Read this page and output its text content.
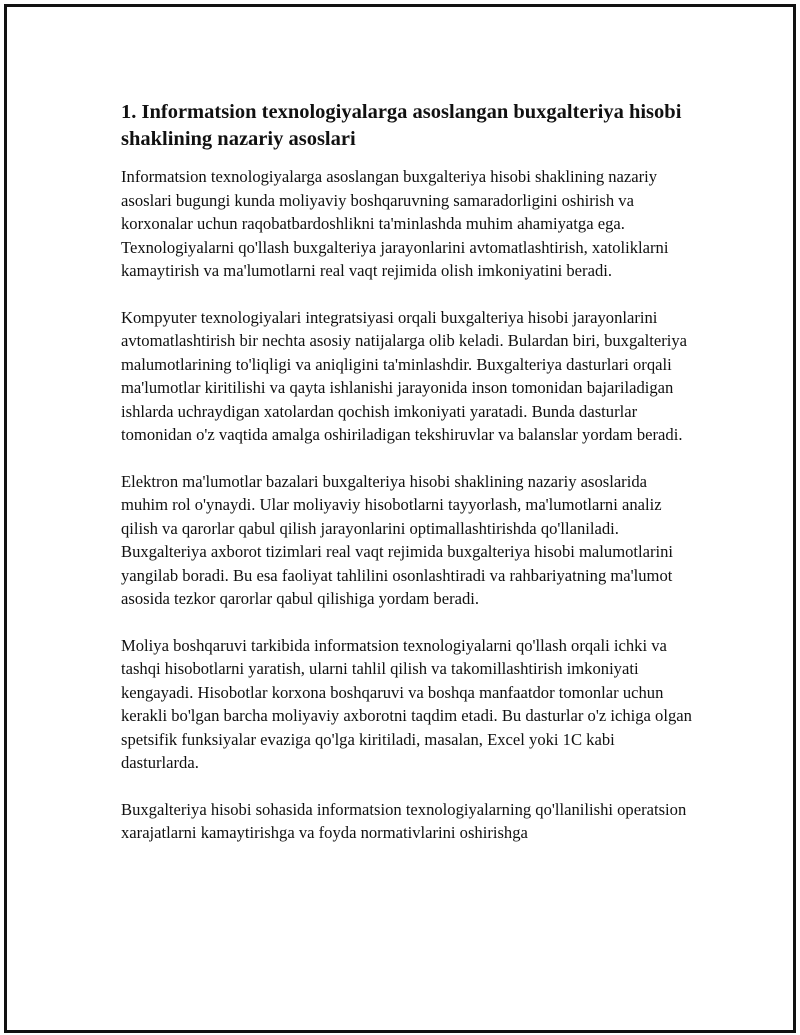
1. Informatsion texnologiyalarga asoslangan buxgalteriya hisobi shaklining nazariy asoslari

Informatsion texnologiyalarga asoslangan buxgalteriya hisobi shaklining nazariy asoslari bugungi kunda moliyaviy boshqaruvning samaradorligini oshirish va korxonalar uchun raqobatbardoshlikni ta'minlashda muhim ahamiyatga ega. Texnologiyalarni qo'llash buxgalteriya jarayonlarini avtomatlashtirish, xatoliklarni kamaytirish va ma'lumotlarni real vaqt rejimida olish imkoniyatini beradi.

Kompyuter texnologiyalari integratsiyasi orqali buxgalteriya hisobi jarayonlarini avtomatlashtirish bir nechta asosiy natijalarga olib keladi. Bulardan biri, buxgalteriya malumotlarining to'liqligi va aniqligini ta'minlashdir. Buxgalteriya dasturlari orqali ma'lumotlar kiritilishi va qayta ishlanishi jarayonida inson tomonidan bajariladigan ishlarda uchraydigan xatolardan qochish imkoniyati yaratadi. Bunda dasturlar tomonidan o'z vaqtida amalga oshiriladigan tekshiruvlar va balanslar yordam beradi.

Elektron ma'lumotlar bazalari buxgalteriya hisobi shaklining nazariy asoslarida muhim rol o'ynaydi. Ular moliyaviy hisobotlarni tayyorlash, ma'lumotlarni analiz qilish va qarorlar qabul qilish jarayonlarini optimallashtirishda qo'llaniladi. Buxgalteriya axborot tizimlari real vaqt rejimida buxgalteriya hisobi malumotlarini yangilab boradi. Bu esa faoliyat tahlilini osonlashtiradi va rahbariyatning ma'lumot asosida tezkor qarorlar qabul qilishiga yordam beradi.

Moliya boshqaruvi tarkibida informatsion texnologiyalarni qo'llash orqali ichki va tashqi hisobotlarni yaratish, ularni tahlil qilish va takomillashtirish imkoniyati kengayadi. Hisobotlar korxona boshqaruvi va boshqa manfaatdor tomonlar uchun kerakli bo'lgan barcha moliyaviy axborotni taqdim etadi. Bu dasturlar o'z ichiga olgan spetsifik funksiyalar evaziga qo'lga kiritiladi, masalan, Excel yoki 1C kabi dasturlarda.

Buxgalteriya hisobi sohasida informatsion texnologiyalarning qo'llanilishi operatsion xarajatlarni kamaytirishga va foyda normativlarini oshirishga
